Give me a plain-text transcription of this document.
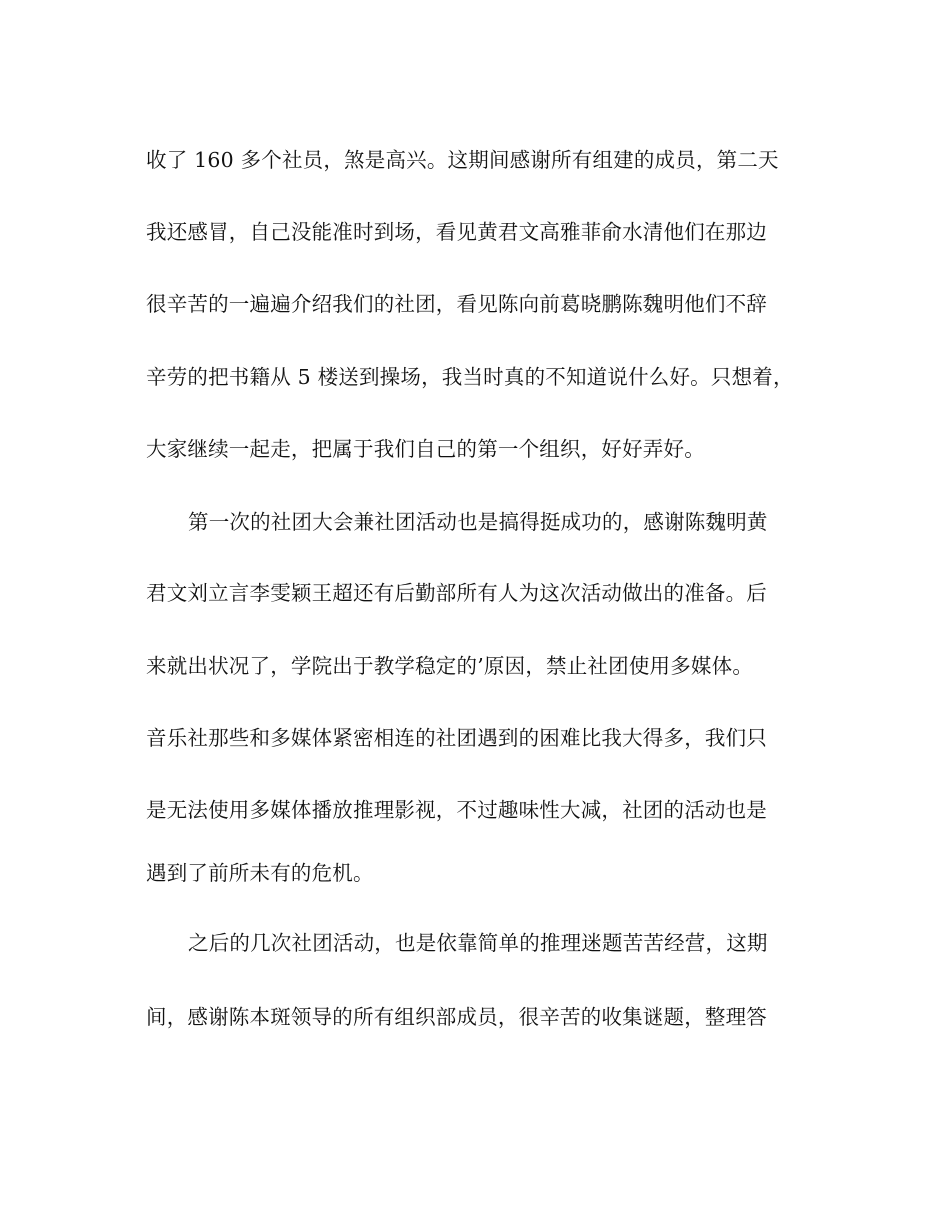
收了 160 多个社员，煞是高兴。这期间感谢所有组建的成员，第二天

我还感冒，自己没能准时到场，看见黄君文高雅菲俞水清他们在那边

很辛苦的一遍遍介绍我们的社团，看见陈向前葛晓鹏陈魏明他们不辞

辛劳的把书籍从 5 楼送到操场，我当时真的不知道说什么好。只想着，

大家继续一起走，把属于我们自己的第一个组织，好好弄好。

第一次的社团大会兼社团活动也是搞得挺成功的，感谢陈魏明黄

君文刘立言李雯颖王超还有后勤部所有人为这次活动做出的准备。后

来就出状况了，学院出于教学稳定的’原因，禁止社团使用多媒体。

音乐社那些和多媒体紧密相连的社团遇到的困难比我大得多，我们只

是无法使用多媒体播放推理影视，不过趣味性大减，社团的活动也是

遇到了前所未有的危机。

之后的几次社团活动，也是依靠简单的推理迷题苦苦经营，这期

间，感谢陈本斑领导的所有组织部成员，很辛苦的收集谜题，整理答
